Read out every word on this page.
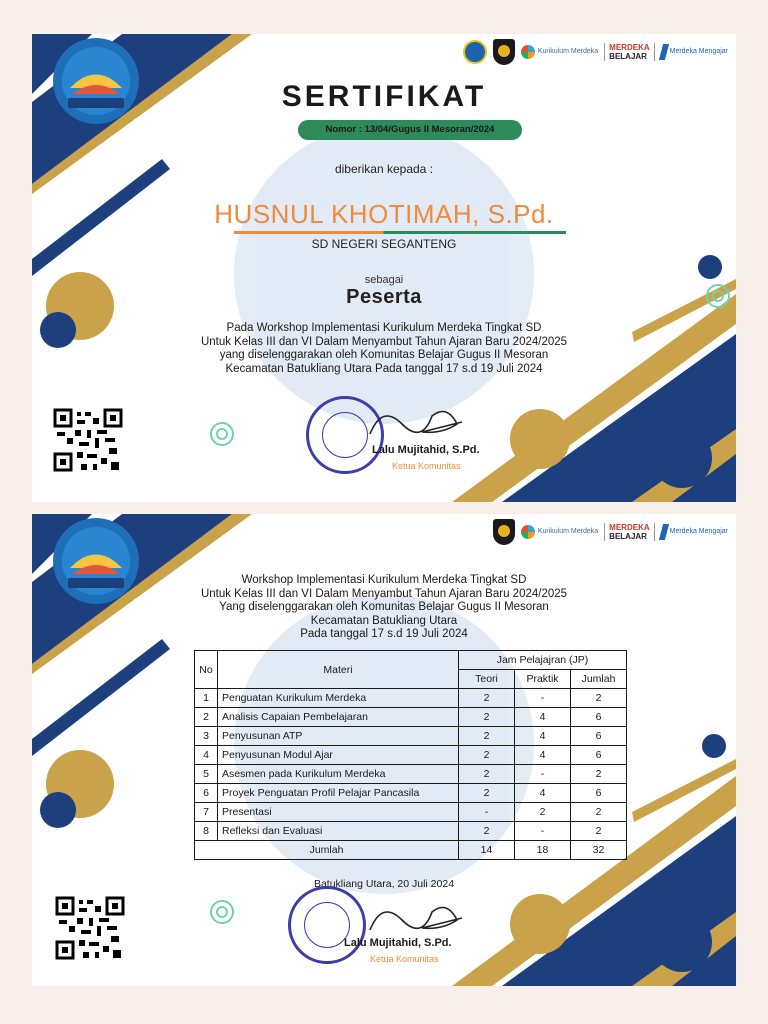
Kurikulum Merdeka MERDEKA
BELAJAR
Merdeka Mengajar
SERTIFIKAT
Nomor : 13/04/Gugus II Mesoran/2024
diberikan kepada :
HUSNUL KHOTIMAH, S.Pd.
SD NEGERI SEGANTENG
sebagai
Peserta
Pada Workshop Implementasi Kurikulum Merdeka Tingkat SD
Untuk Kelas III dan VI Dalam Menyambut Tahun Ajaran Baru 2024/2025
yang diselenggarakan oleh Komunitas Belajar Gugus II Mesoran
Kecamatan Batukliang Utara Pada tanggal 17 s.d 19 Juli 2024
Lalu Mujitahid, S.Pd.
Ketua Komunitas
Kurikulum Merdeka MERDEKA
BELAJAR
Merdeka Mengajar
Workshop Implementasi Kurikulum Merdeka Tingkat SD
Untuk Kelas III dan VI Dalam Menyambut Tahun Ajaran Baru 2024/2025
Yang diselenggarakan oleh Komunitas Belajar Gugus II Mesoran
Kecamatan Batukliang Utara
Pada tanggal 17 s.d 19 Juli 2024
No	Materi	Jam Pelajajran (JP)		
		Teori	Praktik	Jumlah
1	Penguatan Kurikulum Merdeka	2	-	2
2	Analisis Capaian Pembelajaran	2	4	6
3	Penyusunan ATP	2	4	6
4	Penyusunan Modul Ajar	2	4	6
5	Asesmen pada Kurikulum Merdeka	2	-	2
6	Proyek Penguatan Profil Pelajar Pancasila	2	4	6
7	Presentasi	-	2	2
8	Refleksi dan Evaluasi	2	-	2
Jumlah		14	18	32
Batukliang Utara, 20 Juli 2024
Lalu Mujitahid, S.Pd.
Ketua Komunitas
